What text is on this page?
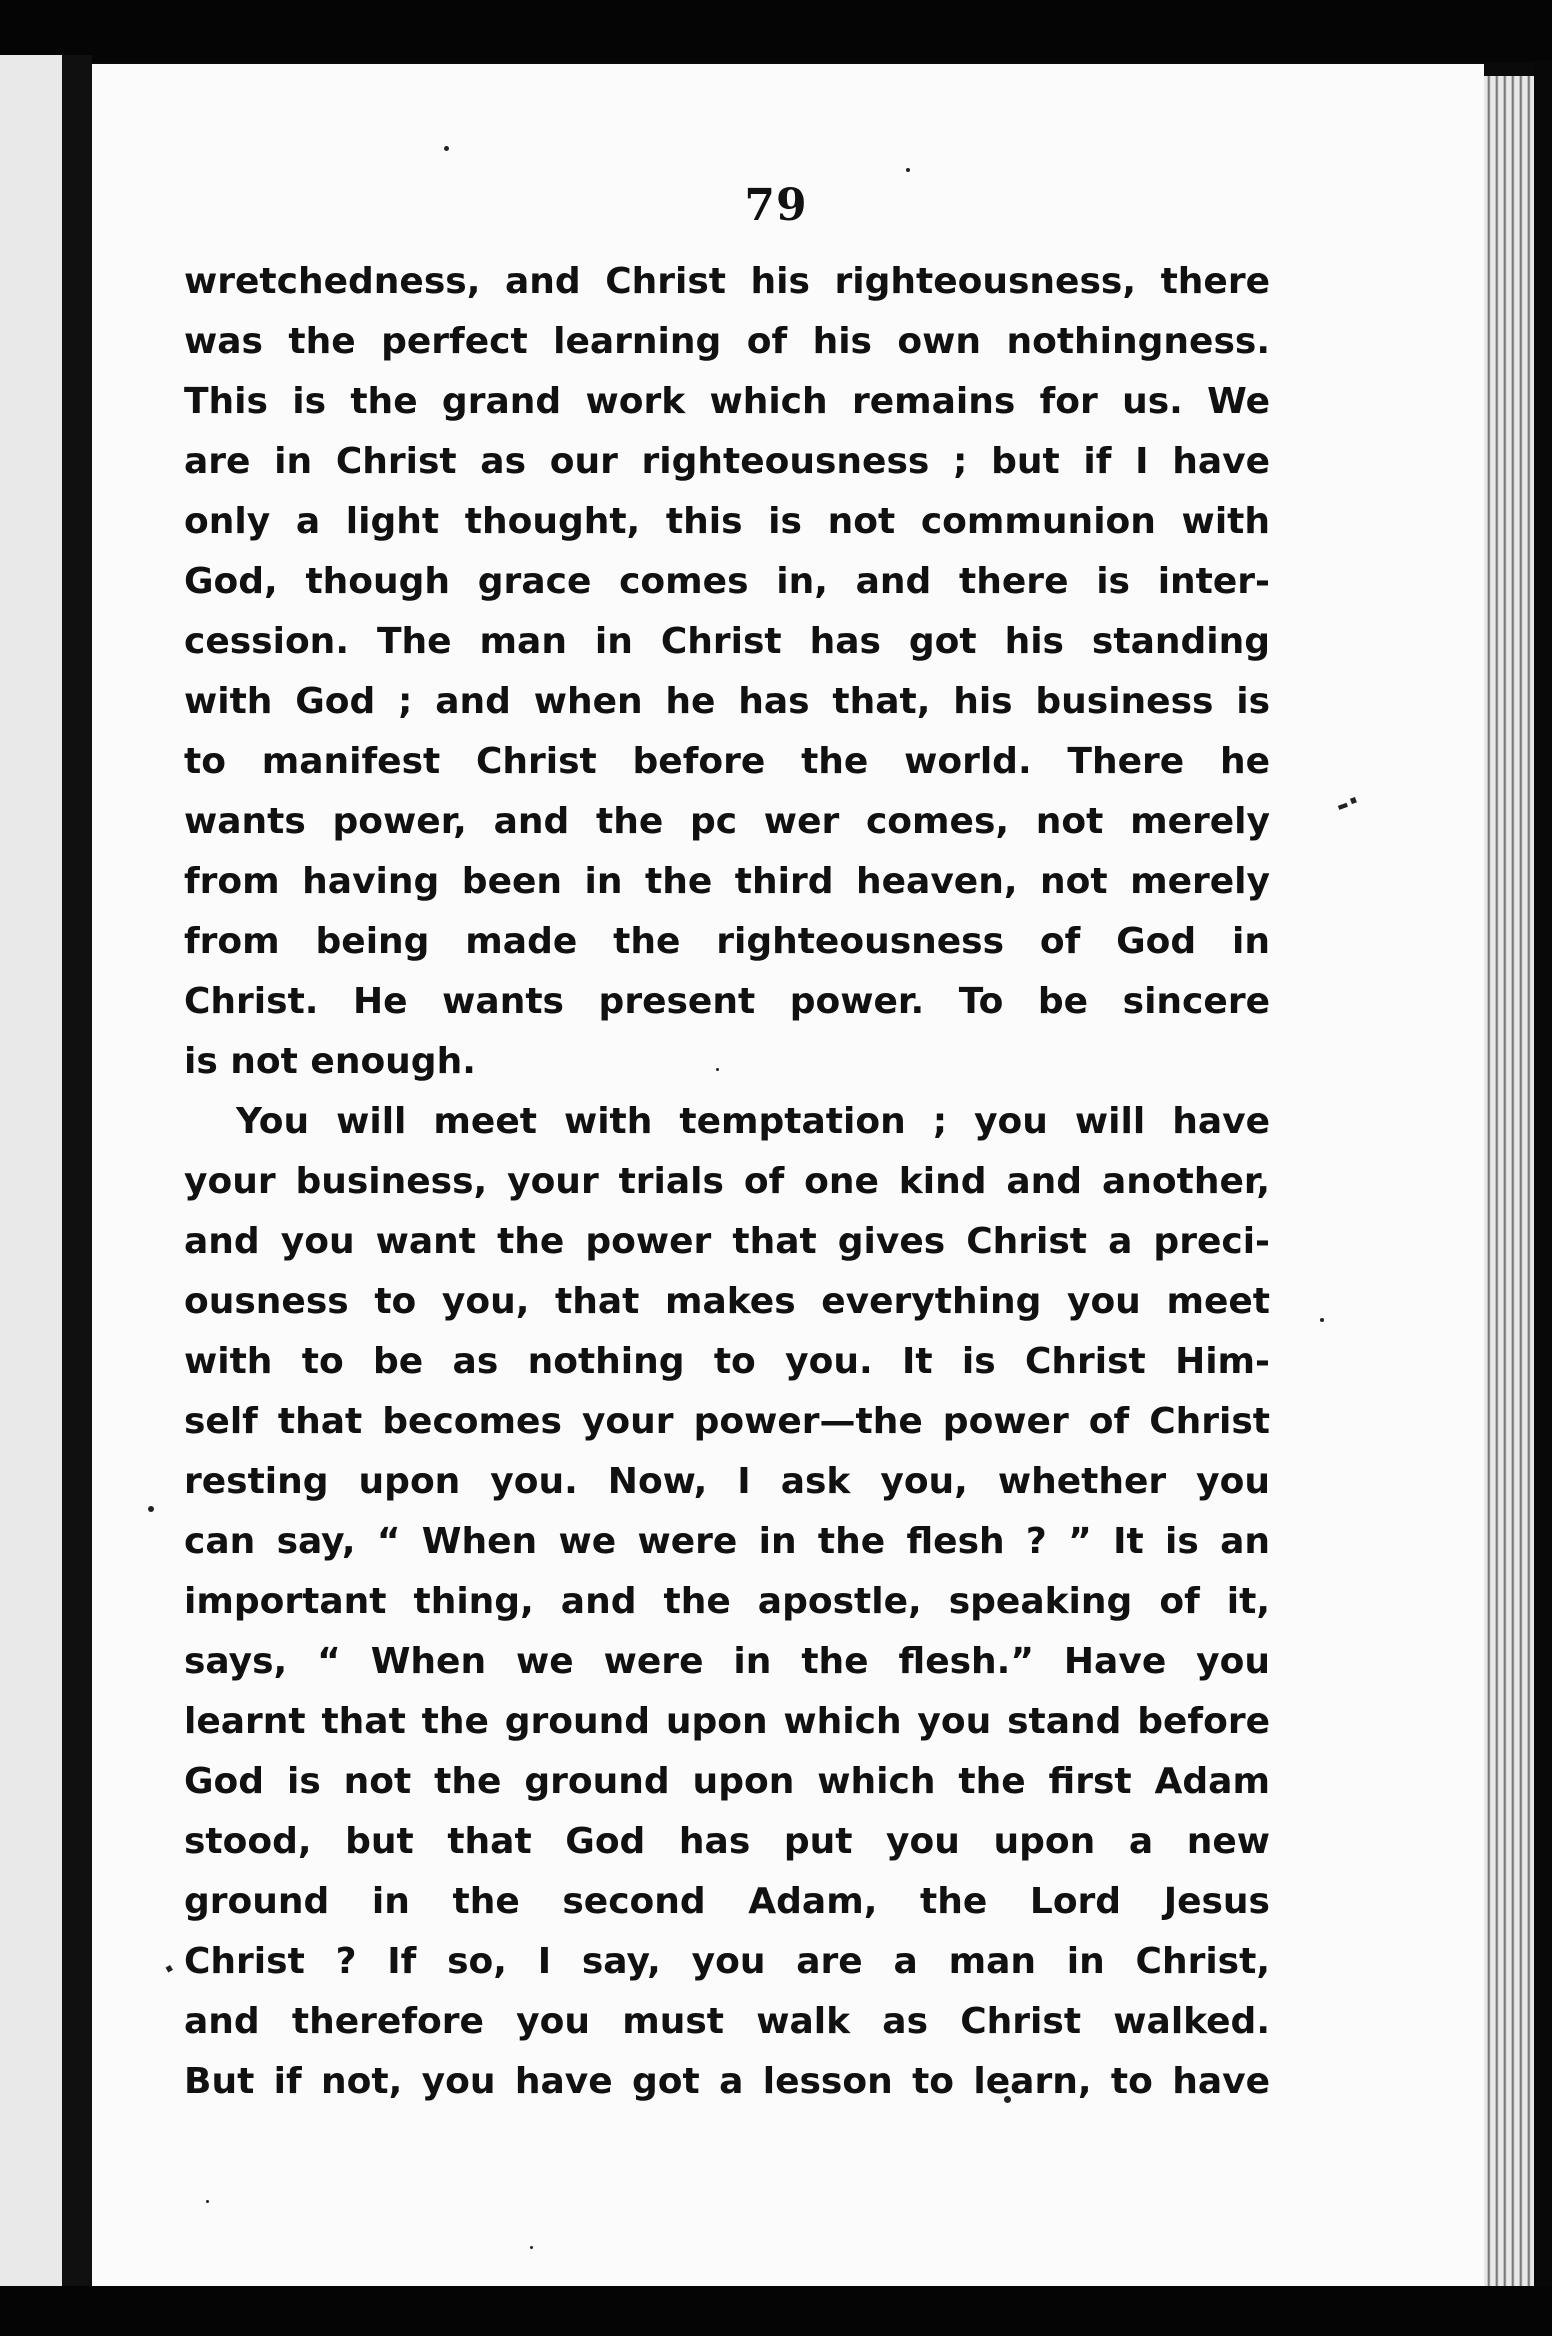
-·
·
79
wretchedness, and Christ his righteousness, there
was the perfect learning of his own nothingness.
This is the grand work which remains for us. We
are in Christ as our righteousness ; but if I have
only a light thought, this is not communion with
God, though grace comes in, and there is inter-
cession. The man in Christ has got his standing
with God ; and when he has that, his business is
to manifest Christ before the world. There he
wants power, and the pc wer comes, not merely
from having been in the third heaven, not merely
from being made the righteousness of God in
Christ. He wants present power. To be sincere
is not enough.
You will meet with temptation ; you will have
your business, your trials of one kind and another,
and you want the power that gives Christ a preci-
ousness to you, that makes everything you meet
with to be as nothing to you. It is Christ Him-
self that becomes your power—the power of Christ
resting upon you. Now, I ask you, whether you
can say, “ When we were in the flesh ? ” It is an
important thing, and the apostle, speaking of it,
says, “ When we were in the flesh.” Have you
learnt that the ground upon which you stand before
God is not the ground upon which the first Adam
stood, but that God has put you upon a new
ground in the second Adam, the Lord Jesus
Christ ? If so, I say, you are a man in Christ,
and therefore you must walk as Christ walked.
But if not, you have got a lesson to learn, to have
